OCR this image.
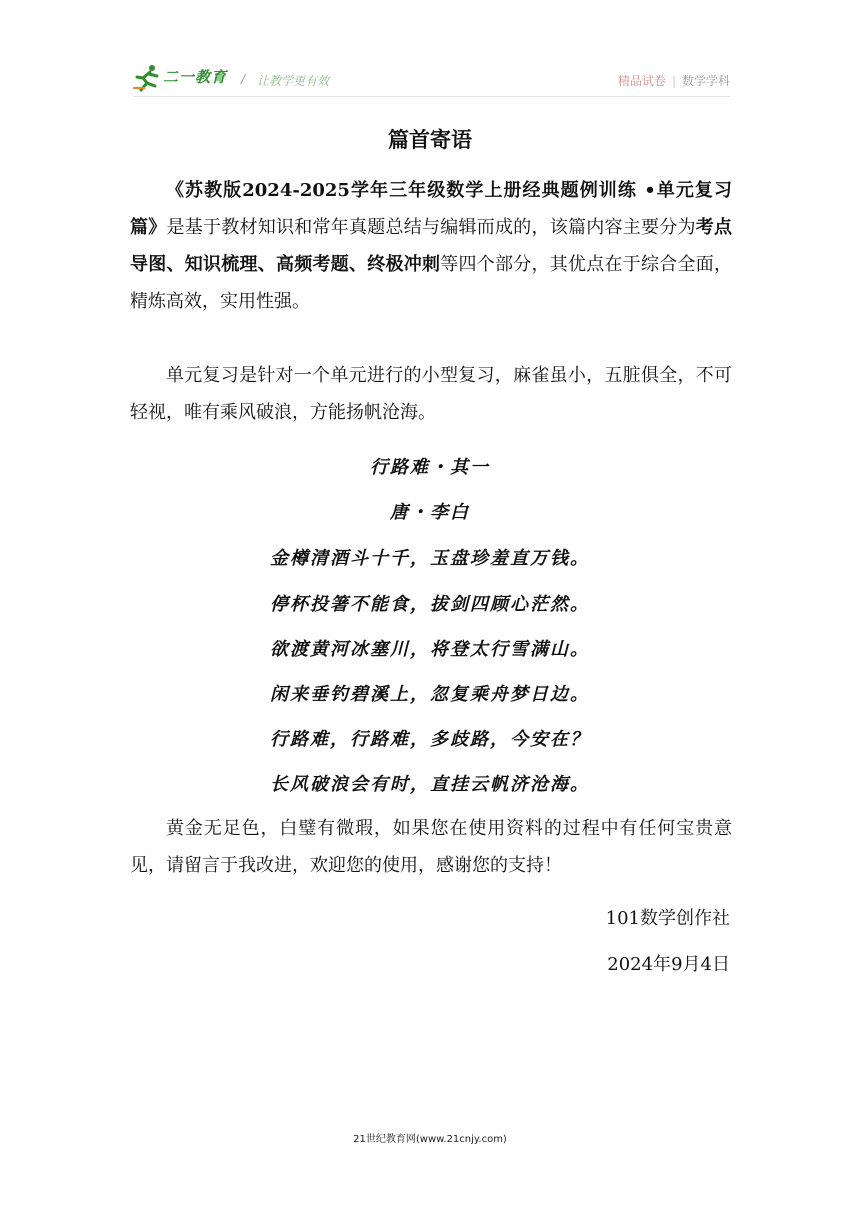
二一教育 / 让教学更有效	精品试卷 | 数学学科
篇首寄语
《苏教版2024-2025学年三年级数学上册经典题例训练 •单元复习篇》是基于教材知识和常年真题总结与编辑而成的，该篇内容主要分为考点导图、知识梳理、高频考题、终极冲刺等四个部分，其优点在于综合全面，精炼高效，实用性强。
单元复习是针对一个单元进行的小型复习，麻雀虽小，五脏俱全，不可轻视，唯有乘风破浪，方能扬帆沧海。
行路难・其一
唐・李白
金樽清酒斗十千，玉盘珍羞直万钱。
停杯投箸不能食，拔剑四顾心茫然。
欲渡黄河冰塞川，将登太行雪满山。
闲来垂钓碧溪上，忽复乘舟梦日边。
行路难，行路难，多歧路，今安在？
长风破浪会有时，直挂云帆济沧海。
黄金无足色，白璧有微瑕，如果您在使用资料的过程中有任何宝贵意见，请留言于我改进，欢迎您的使用，感谢您的支持！
101数学创作社
2024年9月4日
21世纪教育网(www.21cnjy.com)
